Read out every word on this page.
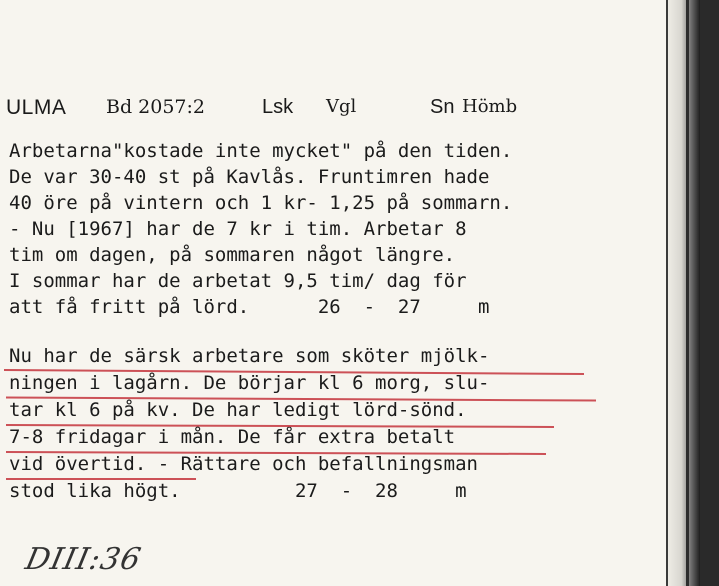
ULMA Bd 2057:2	Lsk Vgl	Sn Hömb
Arbetarna"kostade inte mycket" på den tiden.
De var 30-40 st på Kavlås. Fruntimren hade
40 öre på vintern och 1 kr- 1,25 på sommarn.
- Nu [1967] har de 7 kr i tim. Arbetar 8
tim om dagen, på sommaren något längre.
I sommar har de arbetat 9,5 tim/ dag för
att få fritt på lörd.      26  -  27     m
Nu har de särsk arbetare som sköter mjölk-
ningen i lagårn. De börjar kl 6 morg, slu-
tar kl 6 på kv. De har ledigt lörd-sönd.
7-8 fridagar i mån. De får extra betalt
vid övertid. - Rättare och befallningsman
stod lika högt.          27  -  28     m
DIII:36
